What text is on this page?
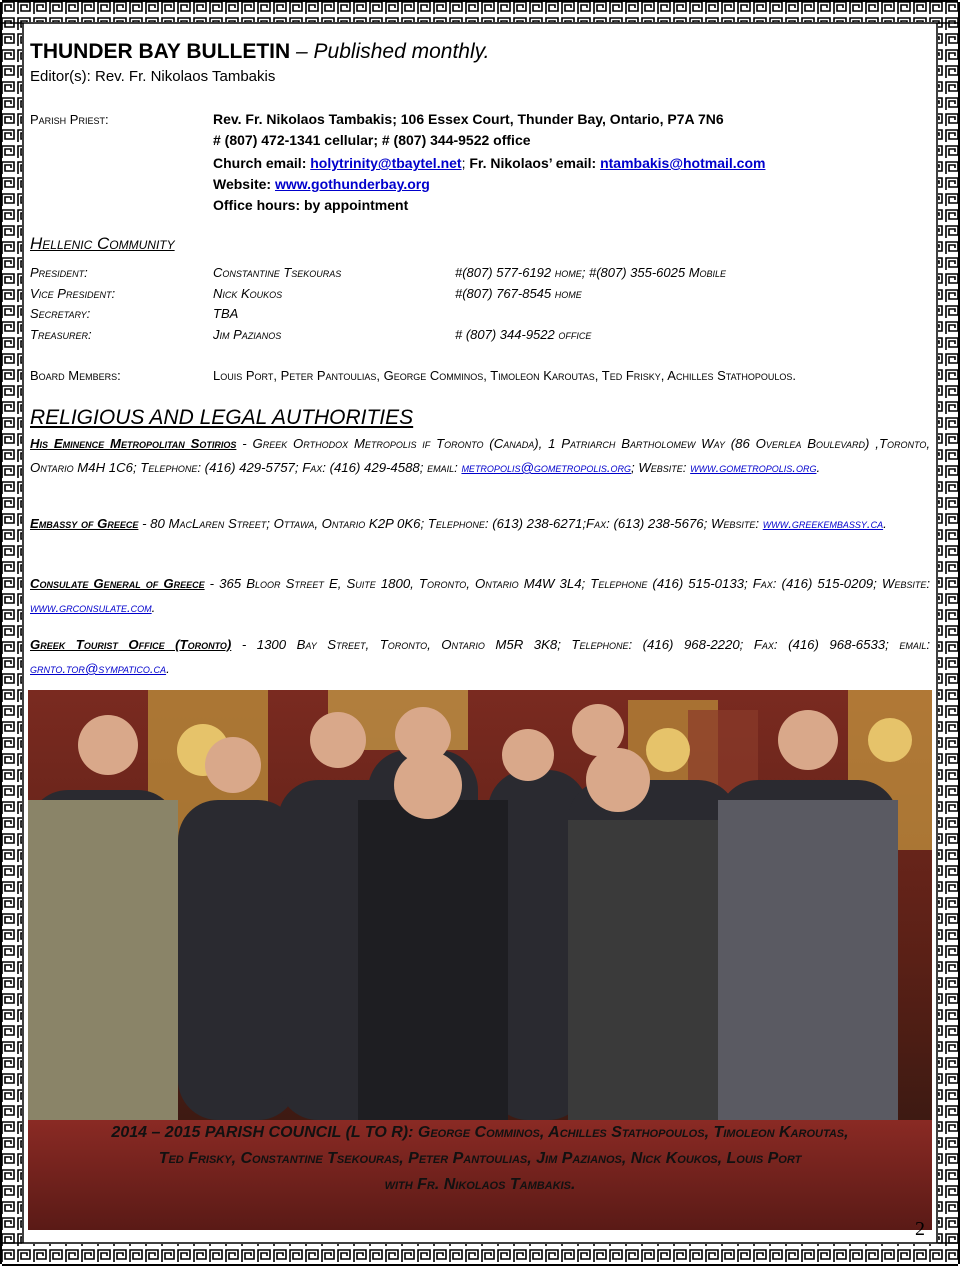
THUNDER BAY BULLETIN – Published monthly.
Editor(s): Rev. Fr. Nikolaos Tambakis
Parish Priest:	Rev. Fr. Nikolaos Tambakis; 106 Essex Court, Thunder Bay, Ontario, P7A 7N6
# (807) 472-1341 cellular; # (807) 344-9522 office
Church email: holytrinity@tbaytel.net; Fr. Nikolaos’ email: ntambakis@hotmail.com
Website: www.gothunderbay.org
Office hours: by appointment
Hellenic Community
President:	Constantine Tsekouras	#(807) 577-6192 home; #(807) 355-6025 Mobile
Vice President:	Nick Koukos	#(807) 767-8545 home
Secretary:	TBA
Treasurer:	Jim Pazianos	# (807) 344-9522 office
Board Members:	Louis Port, Peter Pantoulias, George Comminos, Timoleon Karoutas, Ted Frisky, Achilles Stathopoulos.
RELIGIOUS AND LEGAL AUTHORITIES
His Eminence Metropolitan Sotirios - Greek Orthodox Metropolis if Toronto (Canada), 1 Patriarch Bartholomew Way (86 Overlea Boulevard) ,Toronto, Ontario M4H 1C6; Telephone: (416) 429-5757; Fax: (416) 429-4588; email: metropolis@gometropolis.org; Website: www.gometropolis.org.
Embassy of Greece - 80 MacLaren Street; Ottawa, Ontario K2P 0K6; Telephone: (613) 238-6271;Fax: (613) 238-5676; Website: www.greekembassy.ca.
Consulate General of Greece - 365 Bloor Street E, Suite 1800, Toronto, Ontario M4W 3L4; Telephone (416) 515-0133; Fax: (416) 515-0209; Website: www.grconsulate.com.
Greek Tourist Office (Toronto) - 1300 Bay Street, Toronto, Ontario M5R 3K8; Telephone: (416) 968-2220; Fax: (416) 968-6533; email: grnto.tor@sympatico.ca.
2014 – 2015 PARISH COUNCIL (L TO R): George Comminos, Achilles Stathopoulos, Timoleon Karoutas,
Ted Frisky, Constantine Tsekouras, Peter Pantoulias, Jim Pazianos, Nick Koukos, Louis Port
with Fr. Nikolaos Tambakis.
2
